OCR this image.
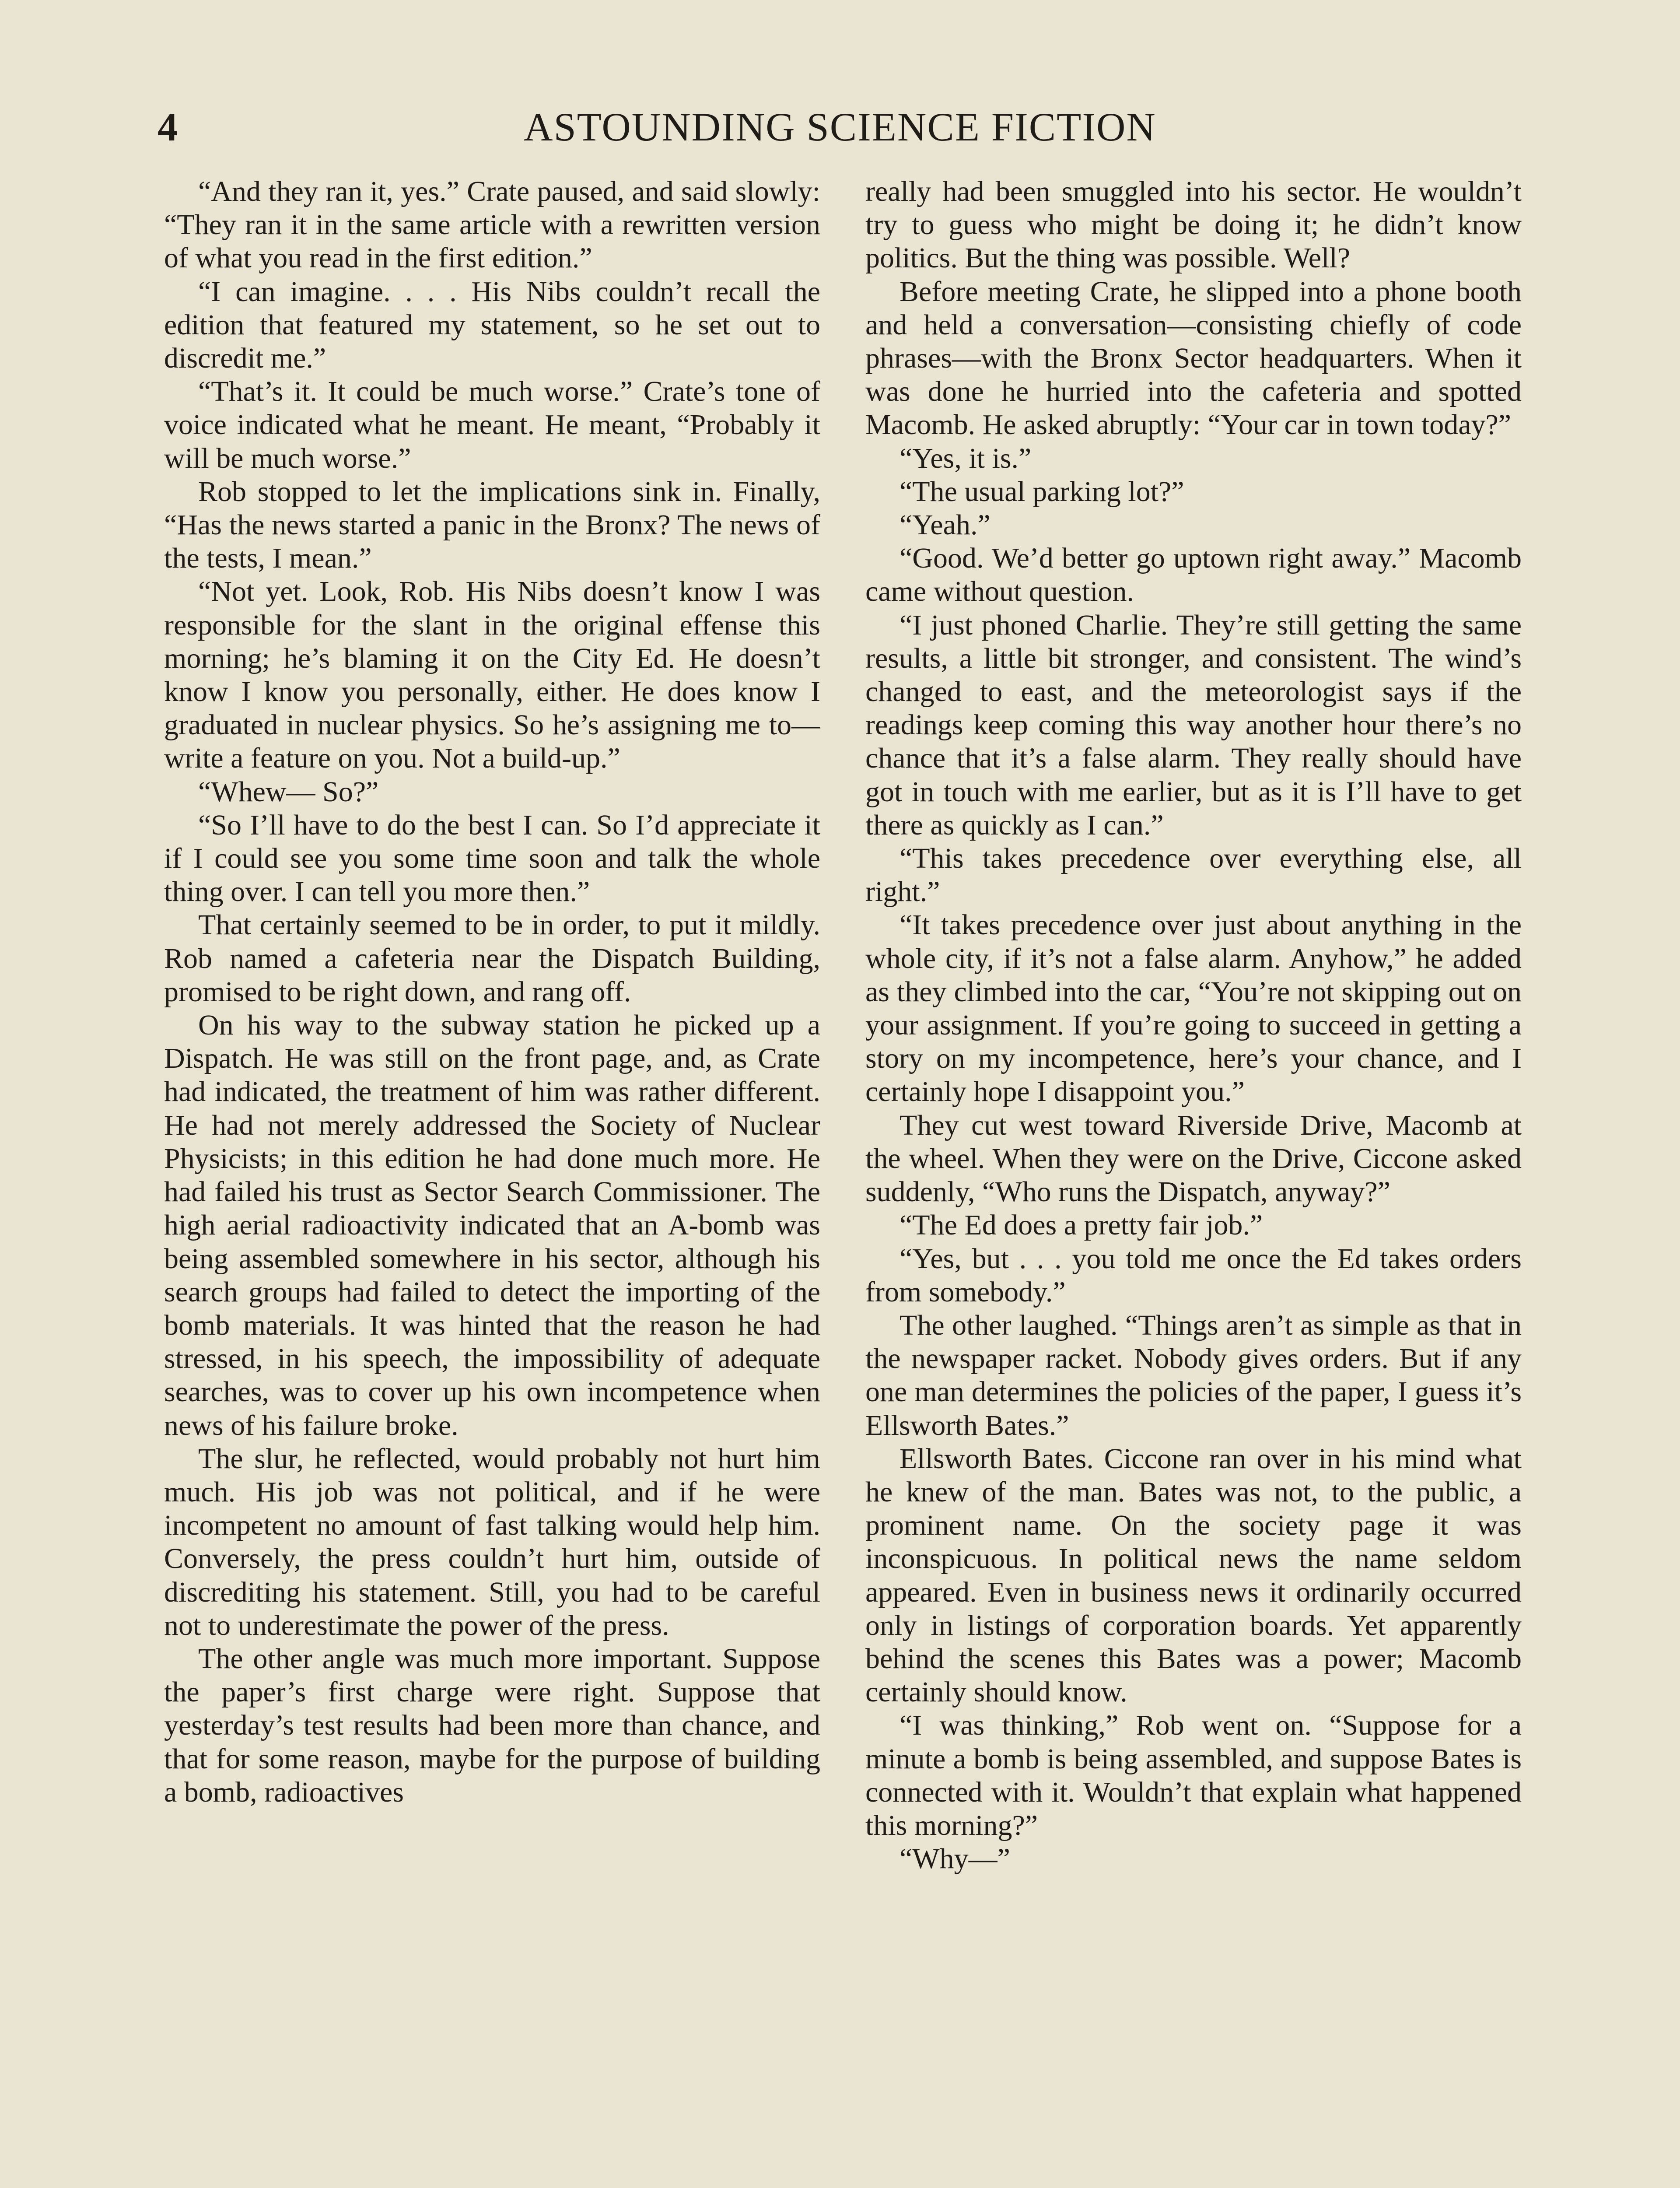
4	ASTOUNDING SCIENCE FICTION

“And they ran it, yes.” Crate paused, and said slowly: “They ran it in the same article with a rewritten version of what you read in the first edition.”

“I can imagine. . . . His Nibs couldn’t recall the edition that featured my statement, so he set out to discredit me.”

“That’s it. It could be much worse.” Crate’s tone of voice indicated what he meant. He meant, “Probably it will be much worse.”

Rob stopped to let the implications sink in. Finally, “Has the news started a panic in the Bronx? The news of the tests, I mean.”

“Not yet. Look, Rob. His Nibs doesn’t know I was responsible for the slant in the original effense this morning; he’s blaming it on the City Ed. He doesn’t know I know you personally, either. He does know I graduated in nuclear physics. So he’s assigning me to— write a feature on you. Not a build-up.”

“Whew— So?”

“So I’ll have to do the best I can. So I’d appreciate it if I could see you some time soon and talk the whole thing over. I can tell you more then.”

That certainly seemed to be in order, to put it mildly. Rob named a cafeteria near the Dispatch Building, promised to be right down, and rang off.

On his way to the subway station he picked up a Dispatch. He was still on the front page, and, as Crate had indicated, the treatment of him was rather different. He had not merely addressed the Society of Nuclear Physicists; in this edition he had done much more. He had failed his trust as Sector Search Commissioner. The high aerial radioactivity indicated that an A-bomb was being assembled somewhere in his sector, although his search groups had failed to detect the importing of the bomb materials. It was hinted that the reason he had stressed, in his speech, the impossibility of adequate searches, was to cover up his own incompetence when news of his failure broke.

The slur, he reflected, would probably not hurt him much. His job was not political, and if he were incompetent no amount of fast talking would help him. Conversely, the press couldn’t hurt him, outside of discrediting his statement. Still, you had to be careful not to underestimate the power of the press.

The other angle was much more important. Suppose the paper’s first charge were right. Suppose that yesterday’s test results had been more than chance, and that for some reason, maybe for the purpose of building a bomb, radioactives

really had been smuggled into his sector. He wouldn’t try to guess who might be doing it; he didn’t know politics. But the thing was possible. Well?

Before meeting Crate, he slipped into a phone booth and held a conversation—consisting chiefly of code phrases—with the Bronx Sector headquarters. When it was done he hurried into the cafeteria and spotted Macomb. He asked abruptly: “Your car in town today?”

“Yes, it is.”

“The usual parking lot?”

“Yeah.”

“Good. We’d better go uptown right away.” Macomb came without question.

“I just phoned Charlie. They’re still getting the same results, a little bit stronger, and consistent. The wind’s changed to east, and the meteorologist says if the readings keep coming this way another hour there’s no chance that it’s a false alarm. They really should have got in touch with me earlier, but as it is I’ll have to get there as quickly as I can.”

“This takes precedence over everything else, all right.”

“It takes precedence over just about anything in the whole city, if it’s not a false alarm. Anyhow,” he added as they climbed into the car, “You’re not skipping out on your assignment. If you’re going to succeed in getting a story on my incompetence, here’s your chance, and I certainly hope I disappoint you.”

They cut west toward Riverside Drive, Macomb at the wheel. When they were on the Drive, Ciccone asked suddenly, “Who runs the Dispatch, anyway?”

“The Ed does a pretty fair job.”

“Yes, but . . . you told me once the Ed takes orders from somebody.”

The other laughed. “Things aren’t as simple as that in the newspaper racket. Nobody gives orders. But if any one man determines the policies of the paper, I guess it’s Ellsworth Bates.”

Ellsworth Bates. Ciccone ran over in his mind what he knew of the man. Bates was not, to the public, a prominent name. On the society page it was inconspicuous. In political news the name seldom appeared. Even in business news it ordinarily occurred only in listings of corporation boards. Yet apparently behind the scenes this Bates was a power; Macomb certainly should know.

“I was thinking,” Rob went on. “Suppose for a minute a bomb is being assembled, and suppose Bates is connected with it. Wouldn’t that explain what happened this morning?”

“Why—”
